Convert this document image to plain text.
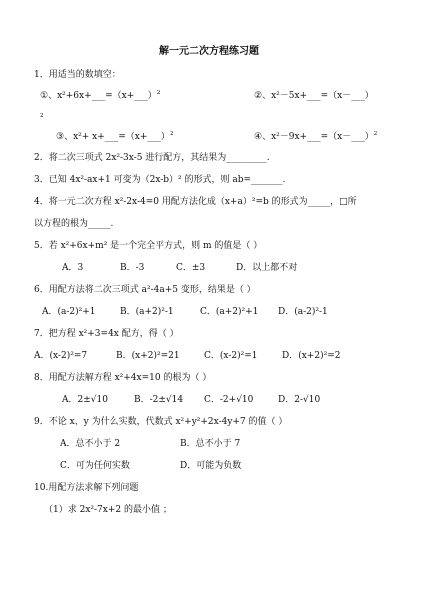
解一元二次方程练习题
1．用适当的数填空：
①、x²+6x+___=（x+___）$^2$	②、x²－5x+___=（x－___）
2
③、x²+ x+___=（x+___）$^2$	④、x²－9x+___=（x－___）$^2$
2．将二次三项式 2x²-3x-5 进行配方，其结果为_________.
3．已知 4x²-ax+1 可变为（2x-b）² 的形式，则 ab=_______.
4．将一元二次方程 x²-2x-4=0 用配方法化成（x+a）²=b 的形式为_____，□所
以方程的根为_____.
5．若 x²+6x+m² 是一个完全平方式，则 m 的值是（ ）
A．3	B．-3	C．±3	D．以上都不对
6．用配方法将二次三项式 a²-4a+5 变形，结果是（ ）
A．(a-2)²+1	B．(a+2)²-1	C．(a+2)²+1 D．(a-2)²-1
7．把方程 x²+3=4x 配方，得（ ）
A．(x-2)²=7	B．(x+2)²=21	C．(x-2)²=1	D．(x+2)²=2
8．用配方法解方程 x²+4x=10 的根为（ ）
A．2±√10	B．-2±√14 C．-2+√10	D．2-√10
9．不论 x、y 为什么实数，代数式 x²+y²+2x-4y+7 的值（ ）
A．总不小于 2	B．总不小于 7
C．可为任何实数	D．可能为负数
10.用配方法求解下列问题
（1）求 2x²-7x+2 的最小值 ；
